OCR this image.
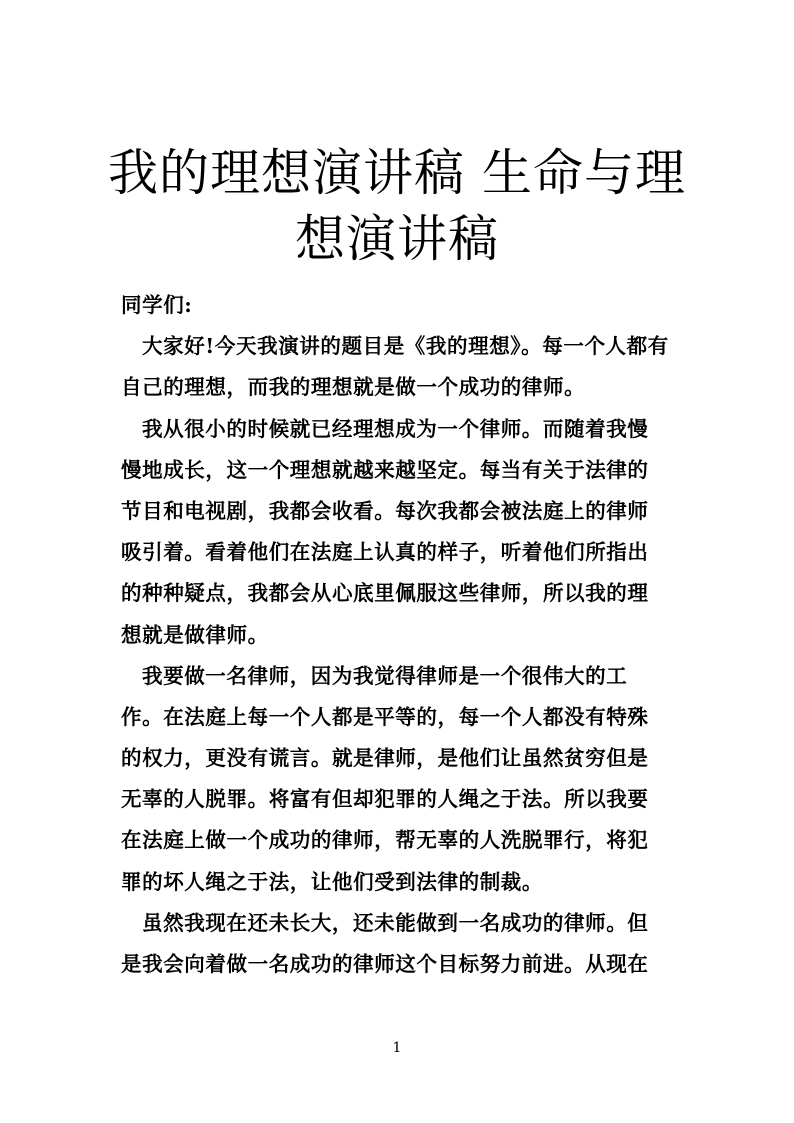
我的理想演讲稿 生命与理
想演讲稿
同学们:
大家好!今天我演讲的题目是《我的理想》。每一个人都有
自己的理想，而我的理想就是做一个成功的律师。
我从很小的时候就已经理想成为一个律师。而随着我慢
慢地成长，这一个理想就越来越坚定。每当有关于法律的
节目和电视剧，我都会收看。每次我都会被法庭上的律师
吸引着。看着他们在法庭上认真的样子，听着他们所指出
的种种疑点，我都会从心底里佩服这些律师，所以我的理
想就是做律师。
我要做一名律师，因为我觉得律师是一个很伟大的工
作。在法庭上每一个人都是平等的，每一个人都没有特殊
的权力，更没有谎言。就是律师，是他们让虽然贫穷但是
无辜的人脱罪。将富有但却犯罪的人绳之于法。所以我要
在法庭上做一个成功的律师，帮无辜的人洗脱罪行，将犯
罪的坏人绳之于法，让他们受到法律的制裁。
虽然我现在还未长大，还未能做到一名成功的律师。但
是我会向着做一名成功的律师这个目标努力前进。从现在
1
